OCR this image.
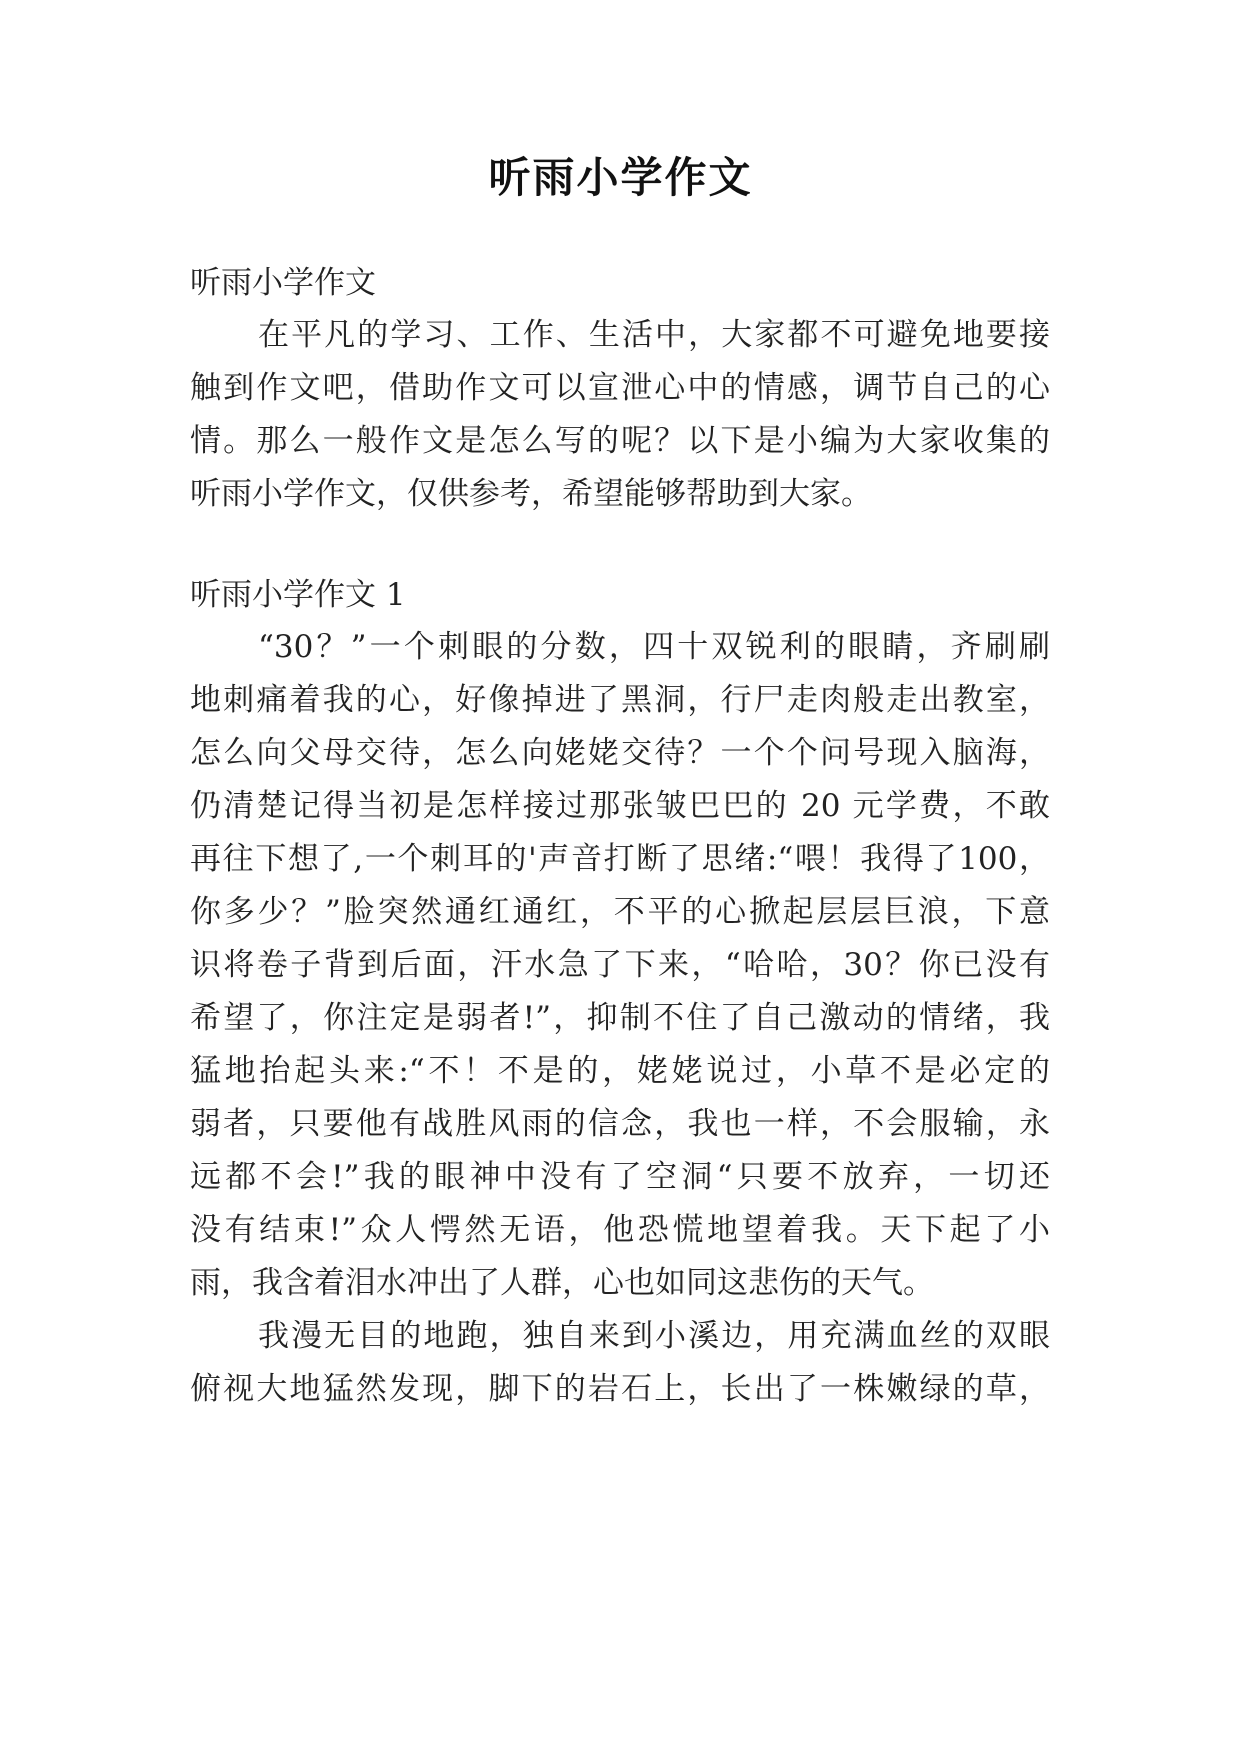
听雨小学作文
听雨小学作文
在平凡的学习、工作、生活中，大家都不可避免地要接
触到作文吧，借助作文可以宣泄心中的情感，调节自己的心
情。那么一般作文是怎么写的呢？以下是小编为大家收集的
听雨小学作文，仅供参考，希望能够帮助到大家。
听雨小学作文 1
“30？”一个刺眼的分数，四十双锐利的眼睛，齐刷刷
地刺痛着我的心，好像掉进了黑洞，行尸走肉般走出教室，
怎么向父母交待，怎么向姥姥交待？一个个问号现入脑海，
仍清楚记得当初是怎样接过那张皱巴巴的 20 元学费，不敢
再往下想了,一个刺耳的'声音打断了思绪:“喂！我得了100，
你多少？”脸突然通红通红，不平的心掀起层层巨浪，下意
识将卷子背到后面，汗水急了下来，“哈哈，30？你已没有
希望了，你注定是弱者!”，抑制不住了自己激动的情绪，我
猛地抬起头来:“不！不是的，姥姥说过，小草不是必定的
弱者，只要他有战胜风雨的信念，我也一样，不会服输，永
远都不会!”我的眼神中没有了空洞“只要不放弃，一切还
没有结束!”众人愕然无语，他恐慌地望着我。天下起了小
雨，我含着泪水冲出了人群，心也如同这悲伤的天气。
我漫无目的地跑，独自来到小溪边，用充满血丝的双眼
俯视大地猛然发现，脚下的岩石上，长出了一株嫩绿的草，
